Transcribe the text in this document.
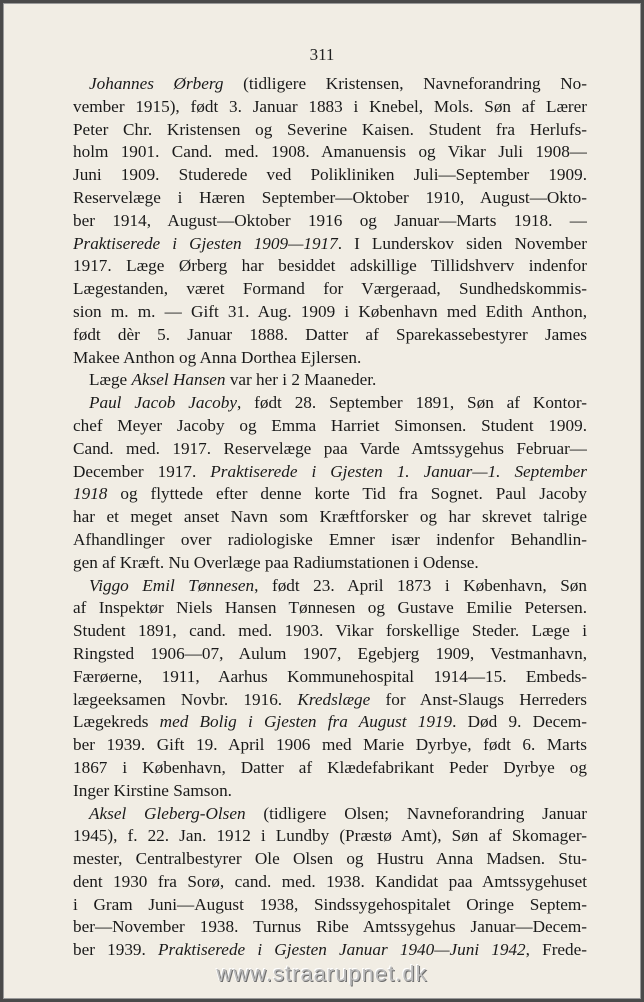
311
Johannes Ørberg (tidligere Kristensen, Navneforandring No-
vember 1915), født 3. Januar 1883 i Knebel, Mols. Søn af Lærer
Peter Chr. Kristensen og Severine Kaisen. Student fra Herlufs-
holm 1901. Cand. med. 1908. Amanuensis og Vikar Juli 1908—
Juni 1909. Studerede ved Polikliniken Juli—September 1909.
Reservelæge i Hæren September—Oktober 1910, August—Okto-
ber 1914, August—Oktober 1916 og Januar—Marts 1918. —
Praktiserede i Gjesten 1909—1917. I Lunderskov siden November
1917. Læge Ørberg har besiddet adskillige Tillidshverv indenfor
Lægestanden, været Formand for Værgeraad, Sundhedskommis-
sion m. m. — Gift 31. Aug. 1909 i København med Edith Anthon,
født dèr 5. Januar 1888. Datter af Sparekassebestyrer James
Makee Anthon og Anna Dorthea Ejlersen.
Læge Aksel Hansen var her i 2 Maaneder.
Paul Jacob Jacoby, født 28. September 1891, Søn af Kontor-
chef Meyer Jacoby og Emma Harriet Simonsen. Student 1909.
Cand. med. 1917. Reservelæge paa Varde Amtssygehus Februar—
December 1917. Praktiserede i Gjesten 1. Januar—1. September
1918 og flyttede efter denne korte Tid fra Sognet. Paul Jacoby
har et meget anset Navn som Kræftforsker og har skrevet talrige
Afhandlinger over radiologiske Emner især indenfor Behandlin-
gen af Kræft. Nu Overlæge paa Radiumstationen i Odense.
Viggo Emil Tønnesen, født 23. April 1873 i København, Søn
af Inspektør Niels Hansen Tønnesen og Gustave Emilie Petersen.
Student 1891, cand. med. 1903. Vikar forskellige Steder. Læge i
Ringsted 1906—07, Aulum 1907, Egebjerg 1909, Vestmanhavn,
Færøerne, 1911, Aarhus Kommunehospital 1914—15. Embeds-
lægeeksamen Novbr. 1916. Kredslæge for Anst-Slaugs Herreders
Lægekreds med Bolig i Gjesten fra August 1919. Død 9. Decem-
ber 1939. Gift 19. April 1906 med Marie Dyrbye, født 6. Marts
1867 i København, Datter af Klædefabrikant Peder Dyrbye og
Inger Kirstine Samson.
Aksel Gleberg-Olsen (tidligere Olsen; Navneforandring Januar
1945), f. 22. Jan. 1912 i Lundby (Præstø Amt), Søn af Skomager-
mester, Centralbestyrer Ole Olsen og Hustru Anna Madsen. Stu-
dent 1930 fra Sorø, cand. med. 1938. Kandidat paa Amtssygehuset
i Gram Juni—August 1938, Sindssygehospitalet Oringe Septem-
ber—November 1938. Turnus Ribe Amtssygehus Januar—Decem-
ber 1939. Praktiserede i Gjesten Januar 1940—Juni 1942, Frede-
www.straarupnet.dk
